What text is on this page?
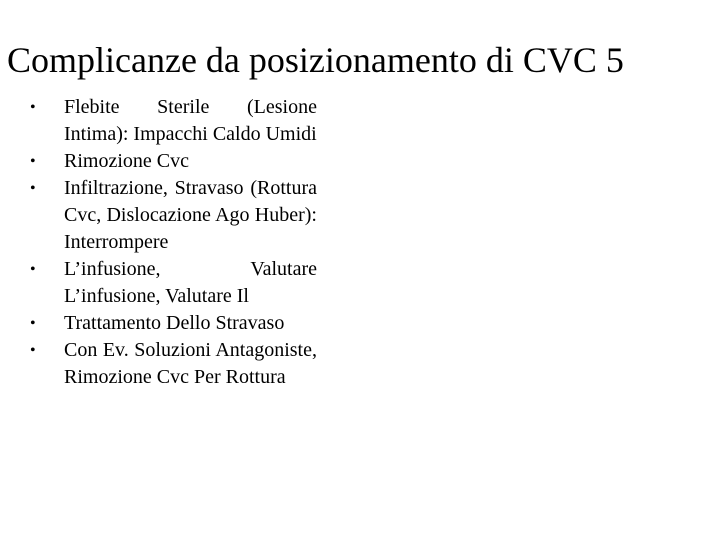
Complicanze da posizionamento di CVC 5
•	Flebite Sterile (Lesione Intima): Impacchi Caldo Umidi
•	Rimozione Cvc
•	Infiltrazione, Stravaso (Rottura Cvc, Dislocazione Ago Huber): Interrompere
•	L’infusione, Valutare L’infusione, Valutare Il
•	Trattamento Dello Stravaso
•	Con Ev. Soluzioni Antagoniste, Rimozione Cvc Per Rottura
